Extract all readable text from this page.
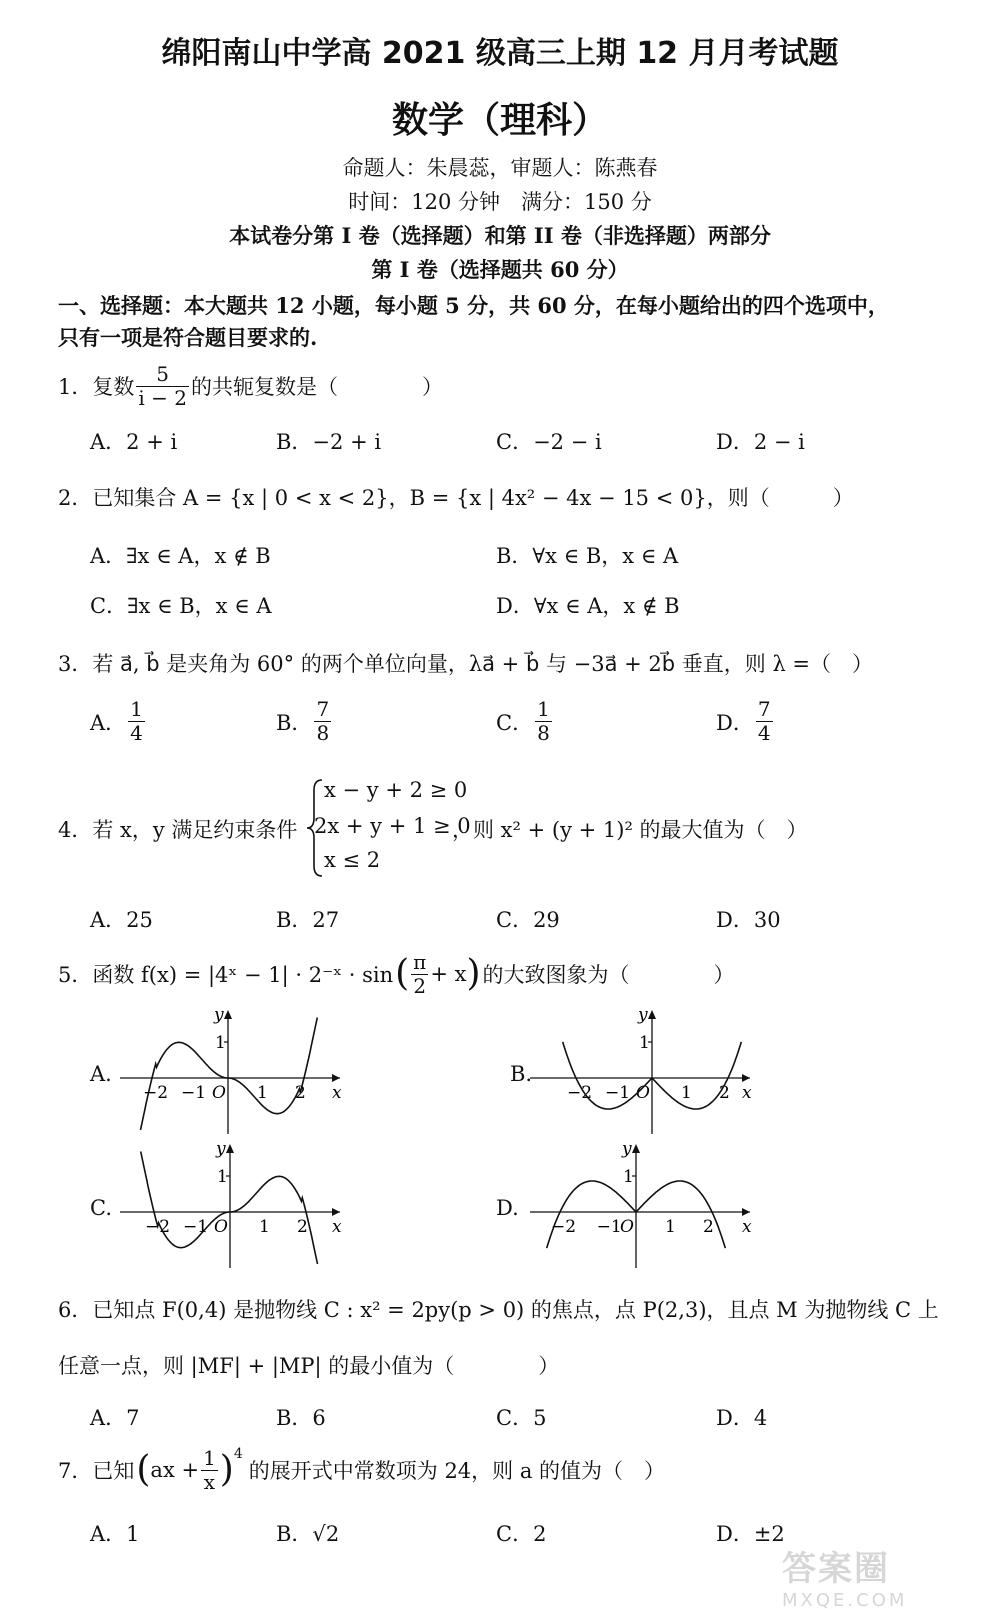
绵阳南山中学高 2021 级高三上期 12 月月考试题
数学（理科）
命题人：朱晨蕊，审题人：陈燕春
时间：120 分钟　满分：150 分
本试卷分第 I 卷（选择题）和第 II 卷（非选择题）两部分
第 I 卷（选择题共 60 分）
一、选择题：本大题共 12 小题，每小题 5 分，共 60 分，在每小题给出的四个选项中，
只有一项是符合题目要求的.
1．复数 $\frac{5}{i - 2}$ 的共轭复数是（　　　　）
A．2 + i	B．−2 + i	C．−2 − i	D．2 − i
2．已知集合 A = {x | 0 < x < 2}，B = {x | 4x² − 4x − 15 < 0}，则（　　　）
A．∃x ∈ A，x ∉ B	B．∀x ∈ B，x ∈ A
C．∃x ∈ B，x ∈ A	D．∀x ∈ A，x ∉ B
3．若 a⃗, b⃗ 是夹角为 60° 的两个单位向量，λa⃗ + b⃗ 与 −3a⃗ + 2b⃗ 垂直，则 λ =（　）
A． $\frac{1}{4}$	B． $\frac{7}{8}$	C． $\frac{1}{8}$	D． $\frac{7}{4}$
4．若 x，y 满足约束条件
x − y + 2 ≥ 0
2x + y + 1 ≥ 0
x ≤ 2
，则 x² + (y + 1)² 的最大值为（　）
A．25	B．27	C．29	D．30
5．函数 f(x) = |4ˣ − 1| · 2⁻ˣ · sin ( $\frac{\pi}{2} + x$ ) 的大致图象为（　　　　）
A.	B.
C.	D.
1
y
x
O
−2 −1	1 2
1
y
x
O
−2 −1	1 2
1
y
x
O
−2 −1	1 2
1
y
x
O
−2 −1	1 2
6．已知点 F(0,4) 是抛物线 C : x² = 2py(p > 0) 的焦点，点 P(2,3)，且点 M 为抛物线 C 上
任意一点，则 |MF| + |MP| 的最小值为（　　　　）
A．7	B．6	C．5	D．4
7．已知 ( ax + $\frac{1}{x} )^4$
的展开式中常数项为 24，则 a 的值为（　）
A．1	B．√2	C．2	D．±2
答案圈
MXQE.COM
